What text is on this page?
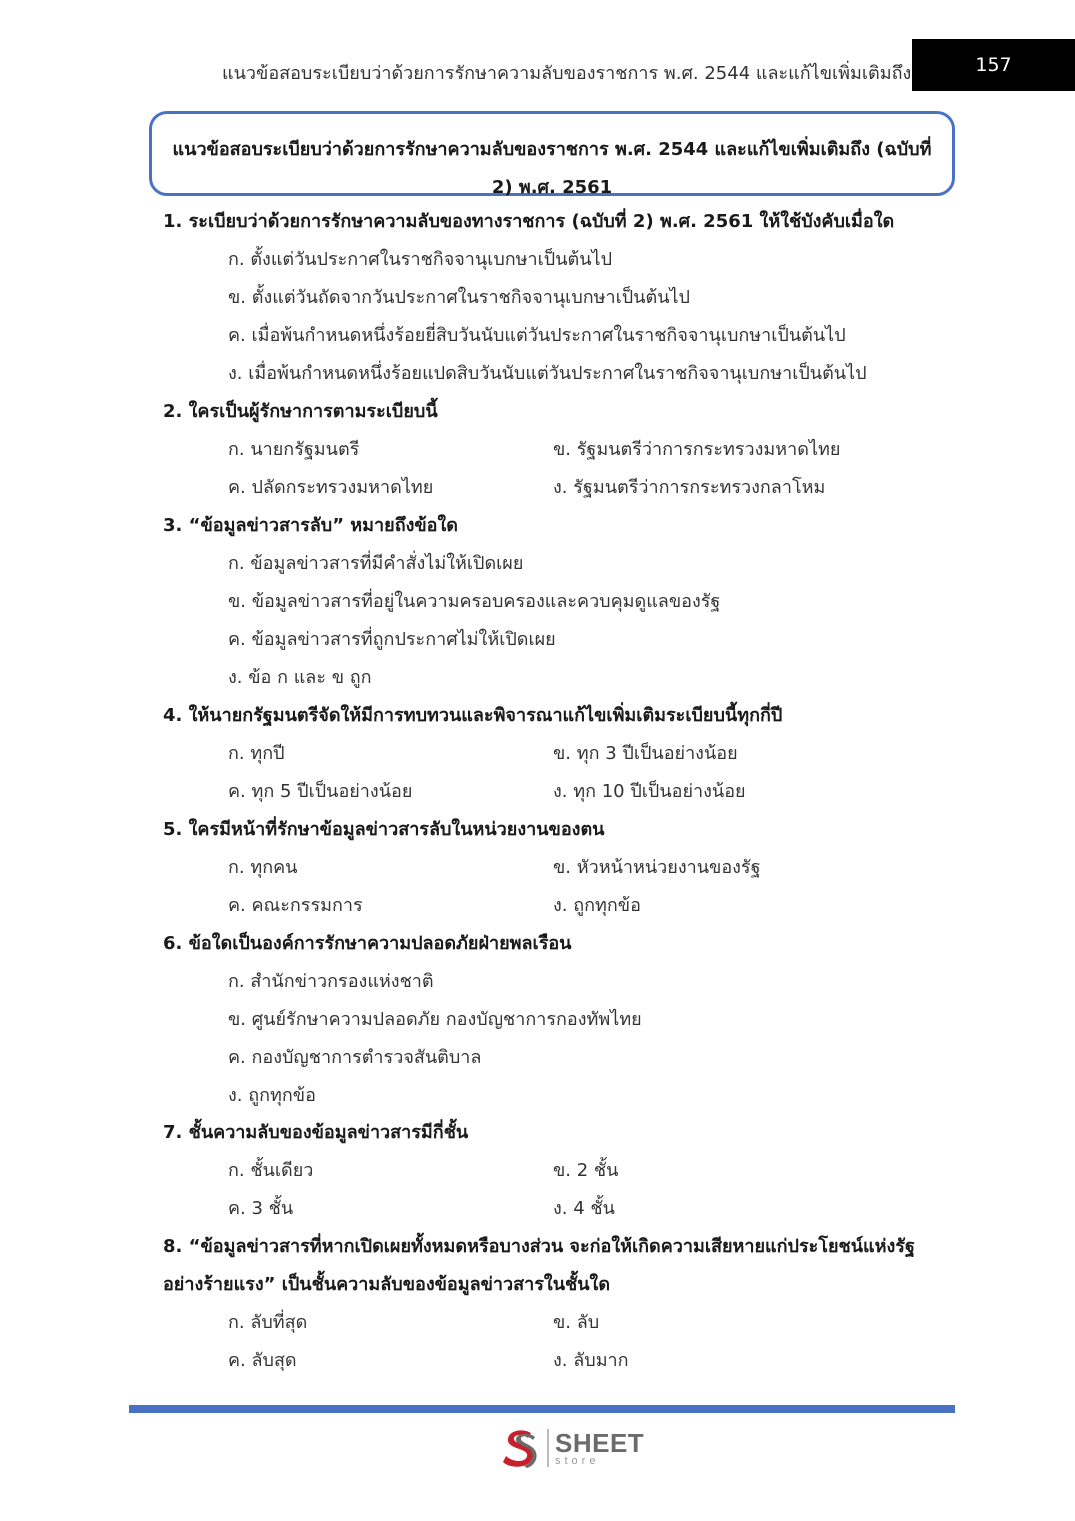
แนวข้อสอบระเบียบว่าด้วยการรักษาความลับของราชการ พ.ศ. 2544 และแก้ไขเพิ่มเติมถึง	157
แนวข้อสอบระเบียบว่าด้วยการรักษาความลับของราชการ พ.ศ. 2544 และแก้ไขเพิ่มเติมถึง (ฉบับที่
2) พ.ศ. 2561
1. ระเบียบว่าด้วยการรักษาความลับของทางราชการ (ฉบับที่ 2) พ.ศ. 2561 ให้ใช้บังคับเมื่อใด
ก. ตั้งแต่วันประกาศในราชกิจจานุเบกษาเป็นต้นไป
ข. ตั้งแต่วันถัดจากวันประกาศในราชกิจจานุเบกษาเป็นต้นไป
ค. เมื่อพ้นกำหนดหนึ่งร้อยยี่สิบวันนับแต่วันประกาศในราชกิจจานุเบกษาเป็นต้นไป
ง. เมื่อพ้นกำหนดหนึ่งร้อยแปดสิบวันนับแต่วันประกาศในราชกิจจานุเบกษาเป็นต้นไป
2. ใครเป็นผู้รักษาการตามระเบียบนี้
ก. นายกรัฐมนตรี	ข. รัฐมนตรีว่าการกระทรวงมหาดไทย
ค. ปลัดกระทรวงมหาดไทย	ง. รัฐมนตรีว่าการกระทรวงกลาโหม
3. “ข้อมูลข่าวสารลับ” หมายถึงข้อใด
ก. ข้อมูลข่าวสารที่มีคำสั่งไม่ให้เปิดเผย
ข. ข้อมูลข่าวสารที่อยู่ในความครอบครองและควบคุมดูแลของรัฐ
ค. ข้อมูลข่าวสารที่ถูกประกาศไม่ให้เปิดเผย
ง. ข้อ ก และ ข ถูก
4. ให้นายกรัฐมนตรีจัดให้มีการทบทวนและพิจารณาแก้ไขเพิ่มเติมระเบียบนี้ทุกกี่ปี
ก. ทุกปี	ข. ทุก 3 ปีเป็นอย่างน้อย
ค. ทุก 5 ปีเป็นอย่างน้อย	ง. ทุก 10 ปีเป็นอย่างน้อย
5. ใครมีหน้าที่รักษาข้อมูลข่าวสารลับในหน่วยงานของตน
ก. ทุกคน	ข. หัวหน้าหน่วยงานของรัฐ
ค. คณะกรรมการ	ง. ถูกทุกข้อ
6. ข้อใดเป็นองค์การรักษาความปลอดภัยฝ่ายพลเรือน
ก. สำนักข่าวกรองแห่งชาติ
ข. ศูนย์รักษาความปลอดภัย กองบัญชาการกองทัพไทย
ค. กองบัญชาการตำรวจสันติบาล
ง. ถูกทุกข้อ
7. ชั้นความลับของข้อมูลข่าวสารมีกี่ชั้น
ก. ชั้นเดียว	ข. 2 ชั้น
ค. 3 ชั้น	ง. 4 ชั้น
8. “ข้อมูลข่าวสารที่หากเปิดเผยทั้งหมดหรือบางส่วน จะก่อให้เกิดความเสียหายแก่ประโยชน์แห่งรัฐอย่างร้ายแรง” เป็นชั้นความลับของข้อมูลข่าวสารในชั้นใด
ก. ลับที่สุด	ข. ลับ
ค. ลับสุด	ง. ลับมาก
SHEET
store
